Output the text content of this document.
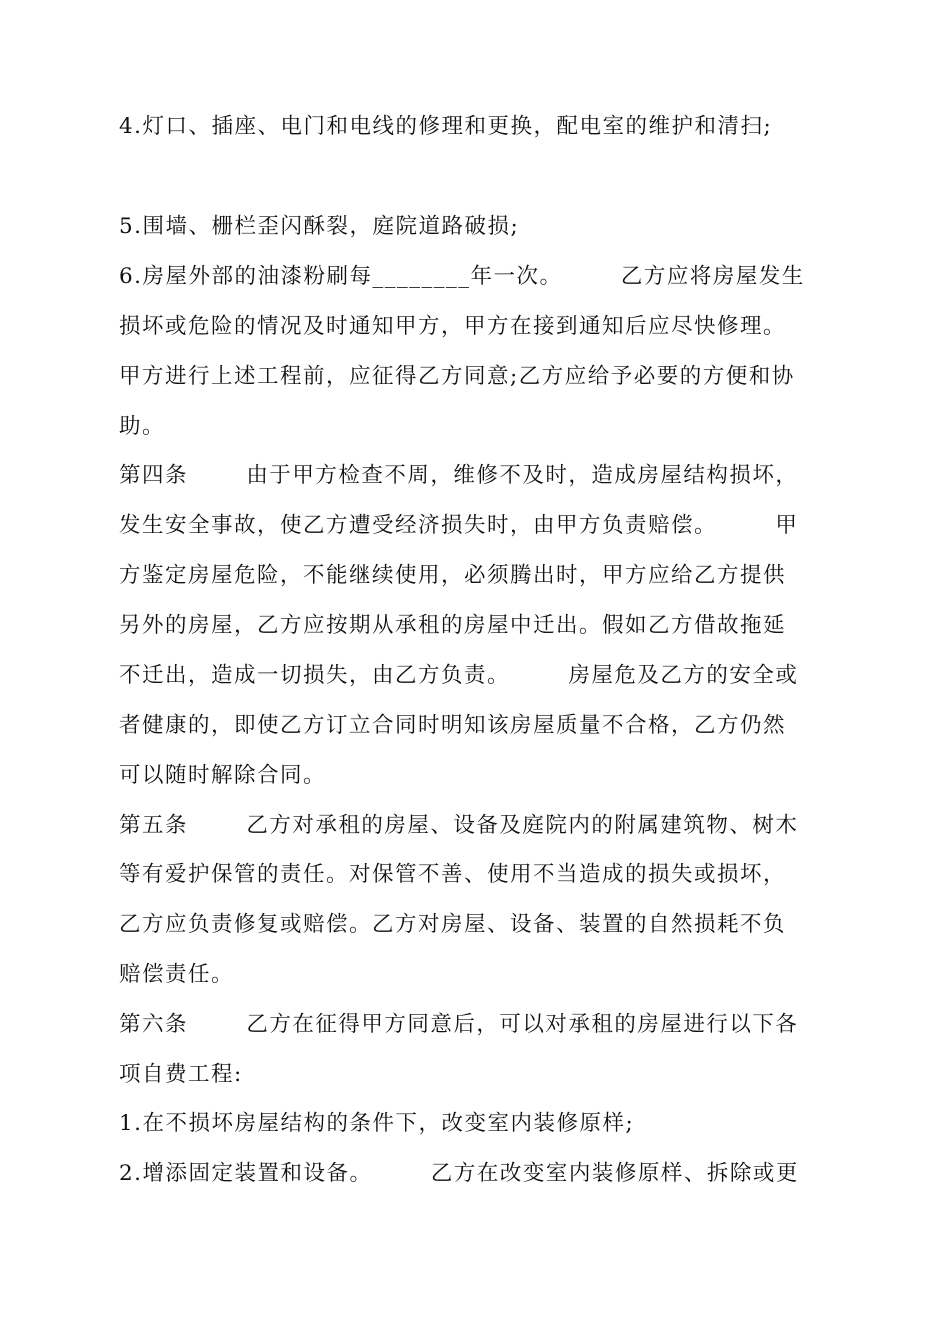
4.灯口、插座、电门和电线的修理和更换，配电室的维护和清扫;
5.围墙、栅栏歪闪酥裂，庭院道路破损;
6.房屋外部的油漆粉刷每________年一次。       乙方应将房屋发生
损坏或危险的情况及时通知甲方，甲方在接到通知后应尽快修理。
甲方进行上述工程前，应征得乙方同意;乙方应给予必要的方便和协
助。
第四条       由于甲方检查不周，维修不及时，造成房屋结构损坏，
发生安全事故，使乙方遭受经济损失时，由甲方负责赔偿。       甲
方鉴定房屋危险，不能继续使用，必须腾出时，甲方应给乙方提供
另外的房屋，乙方应按期从承租的房屋中迁出。假如乙方借故拖延
不迁出，造成一切损失，由乙方负责。       房屋危及乙方的安全或
者健康的，即使乙方订立合同时明知该房屋质量不合格，乙方仍然
可以随时解除合同。
第五条       乙方对承租的房屋、设备及庭院内的附属建筑物、树木
等有爱护保管的责任。对保管不善、使用不当造成的损失或损坏，
乙方应负责修复或赔偿。乙方对房屋、设备、装置的自然损耗不负
赔偿责任。
第六条       乙方在征得甲方同意后，可以对承租的房屋进行以下各
项自费工程:
1.在不损坏房屋结构的条件下，改变室内装修原样;
2.增添固定装置和设备。       乙方在改变室内装修原样、拆除或更
